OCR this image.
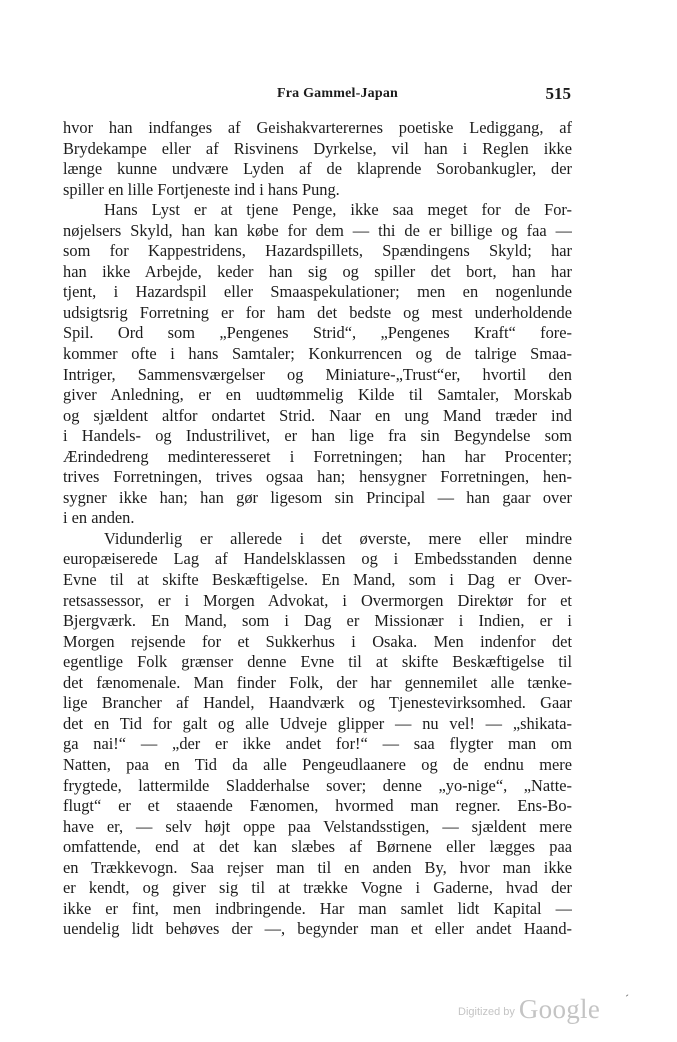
Fra Gammel-Japan	515
hvor han indfanges af Geishakvarterernes poetiske Lediggang, af
Brydekampe eller af Risvinens Dyrkelse, vil han i Reglen ikke
længe kunne undvære Lyden af de klaprende Sorobankugler, der
spiller en lille Fortjeneste ind i hans Pung.
Hans Lyst er at tjene Penge, ikke saa meget for de For-
nøjelsers Skyld, han kan købe for dem — thi de er billige og faa —
som for Kappestridens, Hazardspillets, Spændingens Skyld; har
han ikke Arbejde, keder han sig og spiller det bort, han har
tjent, i Hazardspil eller Smaaspekulationer; men en nogenlunde
udsigtsrig Forretning er for ham det bedste og mest underholdende
Spil. Ord som „Pengenes Strid“, „Pengenes Kraft“ fore-
kommer ofte i hans Samtaler; Konkurrencen og de talrige Smaa-
Intriger, Sammensværgelser og Miniature-„Trust“er, hvortil den
giver Anledning, er en uudtømmelig Kilde til Samtaler, Morskab
og sjældent altfor ondartet Strid. Naar en ung Mand træder ind
i Handels- og Industrilivet, er han lige fra sin Begyndelse som
Ærindedreng medinteresseret i Forretningen; han har Procenter;
trives Forretningen, trives ogsaa han; hensygner Forretningen, hen-
sygner ikke han; han gør ligesom sin Principal — han gaar over
i en anden.
Vidunderlig er allerede i det øverste, mere eller mindre
europæiserede Lag af Handelsklassen og i Embedsstanden denne
Evne til at skifte Beskæftigelse. En Mand, som i Dag er Over-
retsassessor, er i Morgen Advokat, i Overmorgen Direktør for et
Bjergværk. En Mand, som i Dag er Missionær i Indien, er i
Morgen rejsende for et Sukkerhus i Osaka. Men indenfor det
egentlige Folk grænser denne Evne til at skifte Beskæftigelse til
det fænomenale. Man finder Folk, der har gennemilet alle tænke-
lige Brancher af Handel, Haandværk og Tjenestevirksomhed. Gaar
det en Tid for galt og alle Udveje glipper — nu vel! — „shikata-
ga nai!“ — „der er ikke andet for!“ — saa flygter man om
Natten, paa en Tid da alle Pengeudlaanere og de endnu mere
frygtede, lattermilde Sladderhalse sover; denne „yo-nige“, „Natte-
flugt“ er et staaende Fænomen, hvormed man regner. Ens-Bo-
have er, — selv højt oppe paa Velstandsstigen, — sjældent mere
omfattende, end at det kan slæbes af Børnene eller lægges paa
en Trækkevogn. Saa rejser man til en anden By, hvor man ikke
er kendt, og giver sig til at trække Vogne i Gaderne, hvad der
ikke er fint, men indbringende. Har man samlet lidt Kapital —
uendelig lidt behøves der —, begynder man et eller andet Haand-
Digitized by Google ˊ
